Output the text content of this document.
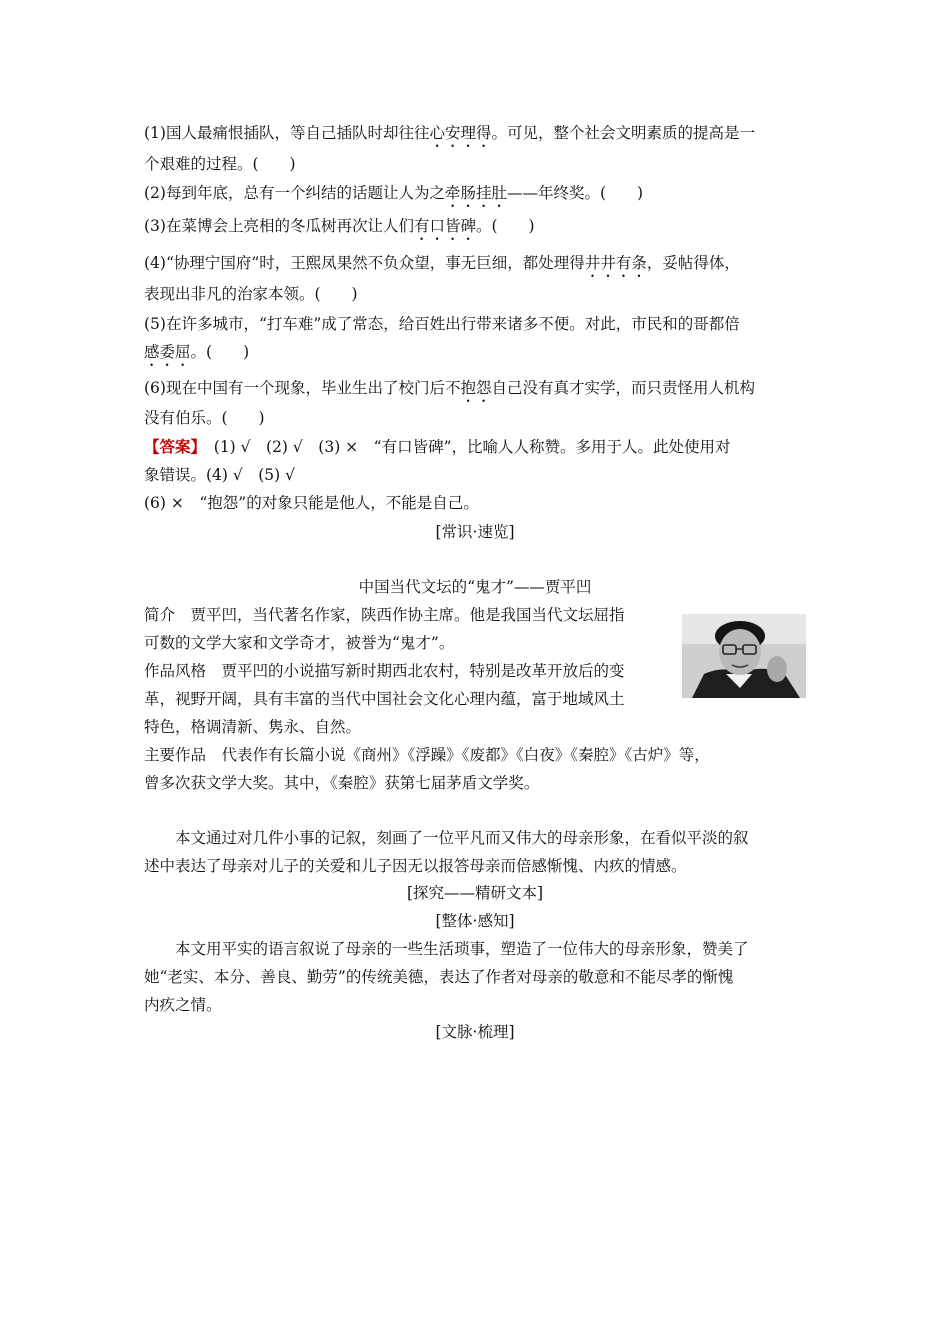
(1)国人最痛恨插队，等自己插队时却往往心安理得。可见，整个社会文明素质的提高是一
个艰难的过程。(　　)
(2)每到年底，总有一个纠结的话题让人为之牵肠挂肚——年终奖。(　　)
(3)在菜博会上亮相的冬瓜树再次让人们有口皆碑。(　　)
(4)“协理宁国府”时，王熙凤果然不负众望，事无巨细，都处理得井井有条，妥帖得体，
表现出非凡的治家本领。(　　)
(5)在许多城市，“打车难”成了常态，给百姓出行带来诸多不便。对此，市民和的哥都倍
感委屈。(　　)
(6)现在中国有一个现象，毕业生出了校门后不抱怨自己没有真才实学，而只责怪用人机构
没有伯乐。(　　)
【答案】　(1) √　(2) √　(3) ×　“有口皆碑”，比喻人人称赞。多用于人。此处使用对
象错误。(4) √　(5) √
(6) ×　“抱怨”的对象只能是他人，不能是自己。
[常识·速览]
中国当代文坛的“鬼才”——贾平凹
简介　贾平凹，当代著名作家，陕西作协主席。他是我国当代文坛屈指
可数的文学大家和文学奇才，被誉为“鬼才”。
作品风格　贾平凹的小说描写新时期西北农村，特别是改革开放后的变
革，视野开阔，具有丰富的当代中国社会文化心理内蕴，富于地域风土
特色，格调清新、隽永、自然。
主要作品　代表作有长篇小说《商州》《浮躁》《废都》《白夜》《秦腔》《古炉》等，
曾多次获文学大奖。其中，《秦腔》获第七届茅盾文学奖。
　　本文通过对几件小事的记叙，刻画了一位平凡而又伟大的母亲形象，在看似平淡的叙
述中表达了母亲对儿子的关爱和儿子因无以报答母亲而倍感惭愧、内疚的情感。
[探究——精研文本]
[整体·感知]
　　本文用平实的语言叙说了母亲的一些生活琐事，塑造了一位伟大的母亲形象，赞美了
她“老实、本分、善良、勤劳”的传统美德，表达了作者对母亲的敬意和不能尽孝的惭愧
内疚之情。
[文脉·梳理]
